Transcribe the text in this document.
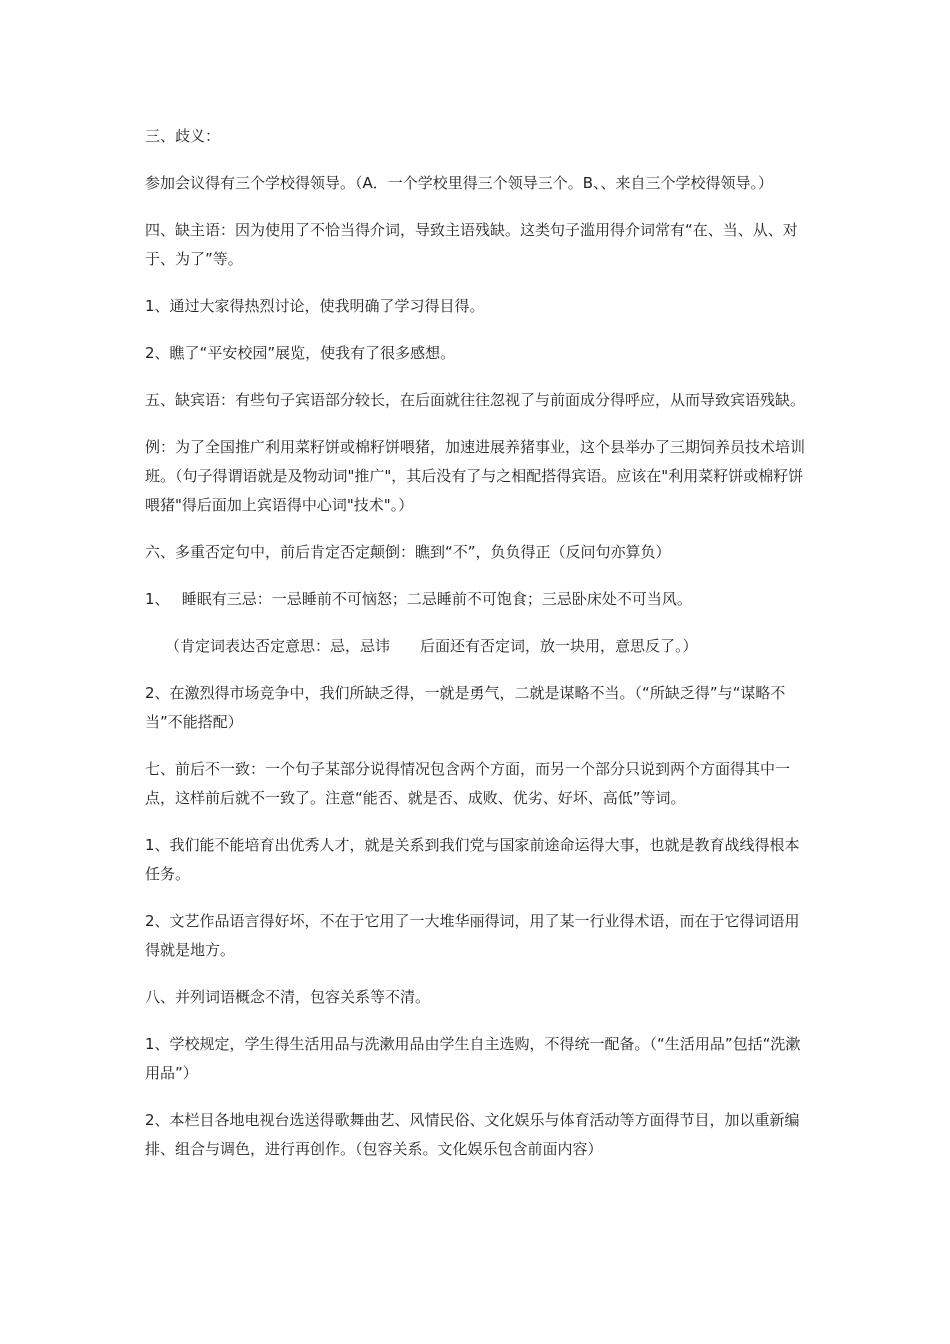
三、歧义：

参加会议得有三个学校得领导。（A．一个学校里得三个领导三个。B、、来自三个学校得领导。）

四、缺主语：因为使用了不恰当得介词，导致主语残缺。这类句子滥用得介词常有“在、当、从、对于、为了”等。

1、通过大家得热烈讨论，使我明确了学习得目得。

2、瞧了“平安校园”展览，使我有了很多感想。

五、缺宾语：有些句子宾语部分较长，在后面就往往忽视了与前面成分得呼应，从而导致宾语残缺。

例：为了全国推广利用菜籽饼或棉籽饼喂猪，加速进展养猪事业，这个县举办了三期饲养员技术培训班。（句子得谓语就是及物动词"推广"，其后没有了与之相配搭得宾语。应该在"利用菜籽饼或棉籽饼喂猪"得后面加上宾语得中心词"技术"。）

六、多重否定句中，前后肯定否定颠倒：瞧到“不”，负负得正（反问句亦算负）

1、　 睡眠有三忌：一忌睡前不可恼怒；二忌睡前不可饱食；三忌卧床处不可当风。

（肯定词表达否定意思：忌，忌讳　　后面还有否定词，放一块用，意思反了。）

2、在激烈得市场竞争中，我们所缺乏得，一就是勇气，二就是谋略不当。（“所缺乏得”与“谋略不当”不能搭配）

七、前后不一致：一个句子某部分说得情况包含两个方面，而另一个部分只说到两个方面得其中一点，这样前后就不一致了。注意“能否、就是否、成败、优劣、好坏、高低”等词。

1、我们能不能培育出优秀人才，就是关系到我们党与国家前途命运得大事，也就是教育战线得根本任务。

2、文艺作品语言得好坏，不在于它用了一大堆华丽得词，用了某一行业得术语，而在于它得词语用得就是地方。

八、并列词语概念不清，包容关系等不清。

1、学校规定，学生得生活用品与洗漱用品由学生自主选购，不得统一配备。（“生活用品”包括“洗漱用品”）

2、本栏目各地电视台选送得歌舞曲艺、风情民俗、文化娱乐与体育活动等方面得节目，加以重新编排、组合与调色，进行再创作。（包容关系。文化娱乐包含前面内容）
